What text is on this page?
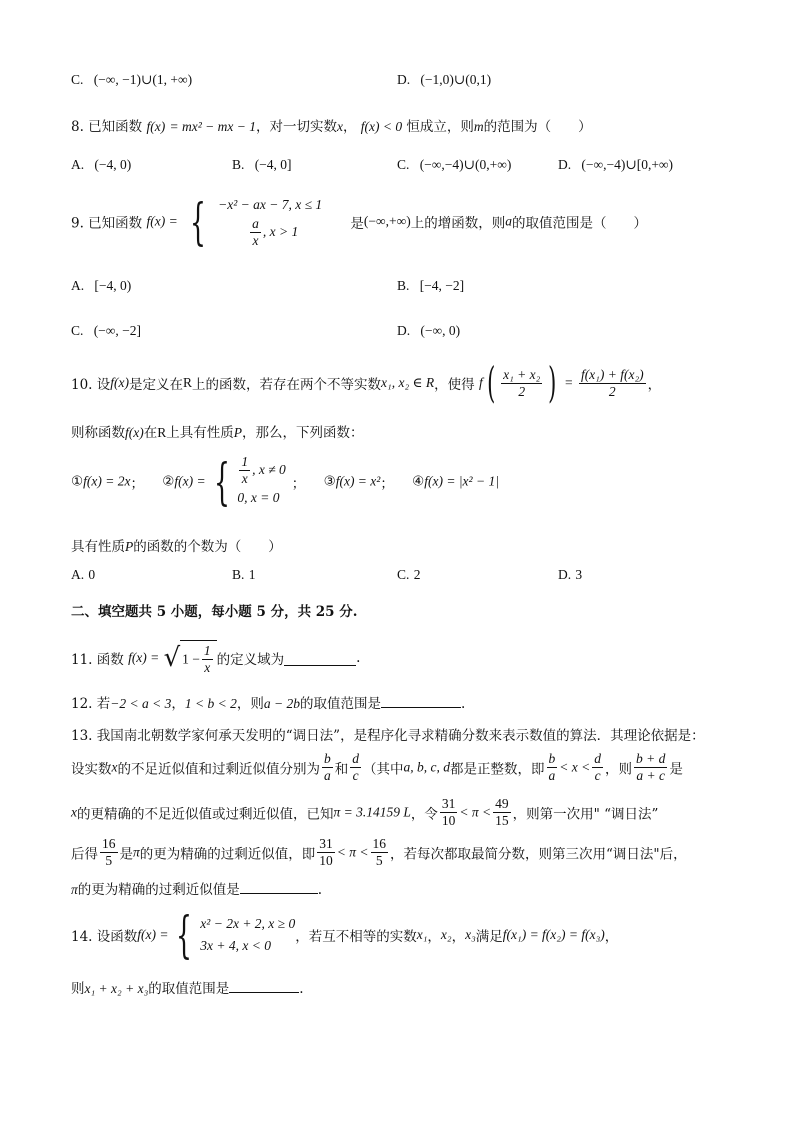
C. (−∞, −1)∪(1, +∞)	D. (−1,0)∪(0,1)
8. 已知函数 f(x) = mx² − mx − 1，对一切实数x， f(x) < 0 恒成立，则m的范围为（　　）
A. (−4, 0)	B. (−4, 0]	C. (−∞,−4)∪(0,+∞)	D. (−∞,−4)∪[0,+∞)
9. 已知函数 f(x) = { −x² − ax − 7, x ≤ 1
$\frac{a}{x}$ , x > 1	是(−∞,+∞)上的增函数，则a的取值范围是（　　）
A. [−4, 0)	B. [−4, −2]
C. (−∞, −2]	D. (−∞, 0)
10. 设f(x)是定义在R上的函数，若存在两个不等实数x₁, x₂ ∈ R，使得 $f( \frac{\text{x₁ + x₂}}{2}$ ) = $\frac{\text{f(x₁) + f(x₂)}}{2}$ ，
则称函数f(x)在R上具有性质P，那么，下列函数：
①f(x) = 2x； ②f(x) = { $\frac{1}{x}$ , x ≠ 0
0, x = 0
； ③f(x) = x²； ④f(x) = |x² − 1|
具有性质P的函数的个数为（　　）
A. 0	B. 1	C. 2	D. 3
二、填空题共 5 小题，每小题 5 分，共 25 分.
11. 函数 f(x) = √ $1 - \frac{1}{x}$ 的定义域为	.
12. 若−2 < a < 3，1 < b < 2，则a − 2b的取值范围是	.
13. 我国南北朝数学家何承天发明的“调日法”，是程序化寻求精确分数来表示数值的算法．其理论依据是：
设实数x的不足近似值和过剩近似值分别为 $\frac{b}{a}$ 和 $\frac{d}{c}$ （其中a, b, c, d都是正整数，即 $\frac{b}{a} < x < \frac{d}{c}$ ，则 $\frac{b + d}{a + c}$ 是
x的更精确的不足近似值或过剩近似值，已知π = 3.14159 L，令 $\frac{31}{10} < \pi < \frac{49}{15}$ ，则第一次用" “调日法”
后得 $\frac{16}{5}$ 是π的更为精确的过剩近似值，即 $\frac{31}{10} < \pi < \frac{16}{5}$ ，若每次都取最简分数，则第三次用“调日法"后，
π的更为精确的过剩近似值是	.
14. 设函数f(x) = { x² − 2x + 2, x ≥ 0
3x + 4, x < 0
，若互不相等的实数x₁，x₂，x₃满足f(x₁) = f(x₂) = f(x₃)，
则x₁ + x₂ + x₃的取值范围是	.
